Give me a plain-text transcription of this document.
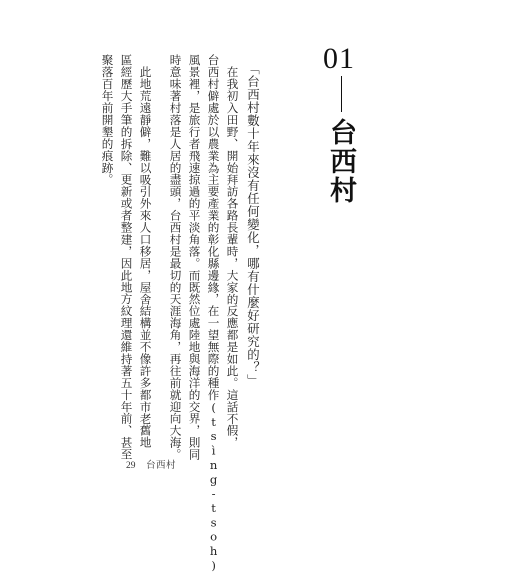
01
台西村
「台西村數十年來沒有任何變化，哪有什麼好研究的？」
在我初入田野、開始拜訪各路長輩時，大家的反應都是如此。這話不假，
台西村僻處於以農業為主要產業的彰化縣邊緣，在一望無際的種作(tsìng-tsoh)
風景裡，是旅行者飛速掠過的平淡角落。而既然位處陸地與海洋的交界，則同
時意味著村落是人居的盡頭，台西村是最切的天涯海角，再往前就迎向大海。
此地荒遠靜僻，難以吸引外來人口移居，屋舍結構並不像許多都市老舊地
區經歷大手筆的拆除、更新或者整建，因此地方紋理還維持著五十年前、甚至
聚落百年前開墾的痕跡。
29 台西村
